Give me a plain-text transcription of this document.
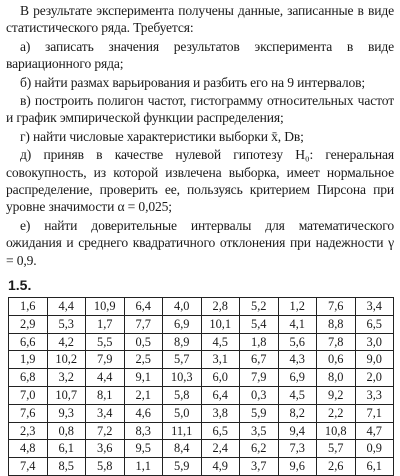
В результате эксперимента получены данные, записанные в виде статистического ряда. Требуется:

а) записать значения результатов эксперимента в виде вариационного ряда;

б) найти размах варьирования и разбить его на 9 интервалов;

в) построить полигон частот, гистограмму относительных частот и график эмпирической функции распределения;

г) найти числовые характеристики выборки x̄, Dв;

д) приняв в качестве нулевой гипотезу H₀: генеральная совокупность, из которой извлечена выборка, имеет нормальное распределение, проверить ее, пользуясь критерием Пирсона при уровне значимости α = 0,025;

е) найти доверительные интервалы для математического ожидания и среднего квадратичного отклонения при надежности γ = 0,9.

1.5.
1,6	4,4	10,9	6,4	4,0	2,8	5,2	1,2	7,6	3,4
2,9	5,3	1,7	7,7	6,9	10,1	5,4	4,1	8,8	6,5
6,6	4,2	5,5	0,5	8,9	4,5	1,8	5,6	7,8	3,0
1,9	10,2	7,9	2,5	5,7	3,1	6,7	4,3	0,6	9,0
6,8	3,2	4,4	9,1	10,3	6,0	7,9	6,9	8,0	2,0
7,0	10,7	8,1	2,1	5,8	6,4	0,3	4,5	9,2	3,3
7,6	9,3	3,4	4,6	5,0	3,8	5,9	8,2	2,2	7,1
2,3	0,8	7,2	8,3	11,1	6,5	3,5	9,4	10,8	4,7
4,8	6,1	3,6	9,5	8,4	2,4	6,2	7,3	5,7	0,9
7,4	8,5	5,8	1,1	5,9	4,9	3,7	9,6	2,6	6,1
